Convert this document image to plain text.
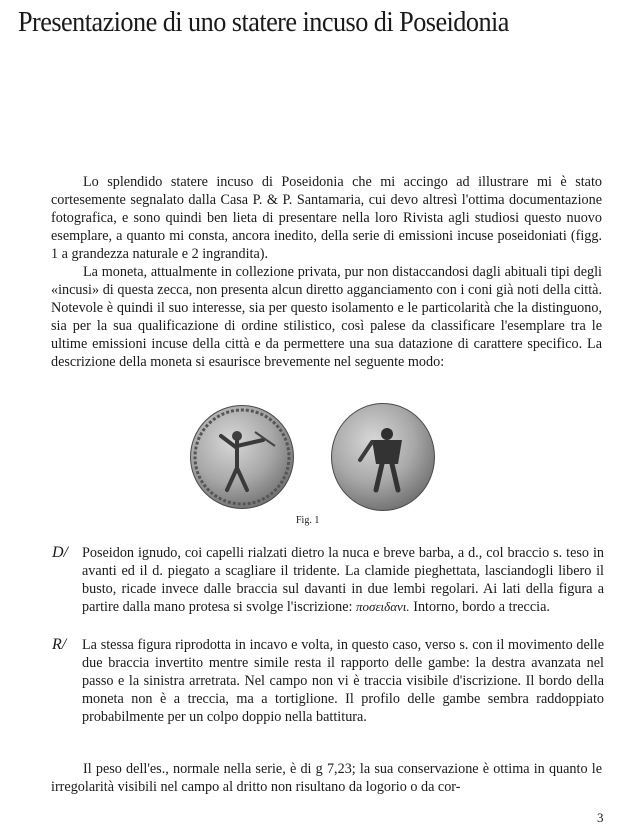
Presentazione di uno statere incuso di Poseidonia

Lo splendido statere incuso di Poseidonia che mi accingo ad illustrare mi è stato cortesemente segnalato dalla Casa P. & P. Santamaria, cui devo altresì l'ottima documentazione fotografica, e sono quindi ben lieta di presentare nella loro Rivista agli studiosi questo nuovo esemplare, a quanto mi consta, ancora inedito, della serie di emissioni incuse poseidoniati (figg. 1 a grandezza naturale e 2 ingrandita).

La moneta, attualmente in collezione privata, pur non distaccandosi dagli abituali tipi degli «incusi» di questa zecca, non presenta alcun diretto agganciamento con i coni già noti della città. Notevole è quindi il suo interesse, sia per questo isolamento e le particolarità che la distinguono, sia per la sua qualificazione di ordine stilistico, così palese da classificare l'esemplare tra le ultime emissioni incuse della città e da permettere una sua datazione di carattere specifico. La descrizione della moneta si esaurisce brevemente nel seguente modo:

Fig. 1
D/ Poseidon ignudo, coi capelli rialzati dietro la nuca e breve barba, a d., col braccio s. teso in avanti ed il d. piegato a scagliare il tridente. La clamide pieghettata, lasciandogli libero il busto, ricade invece dalle braccia sul davanti in due lembi regolari. Ai lati della figura a partire dalla mano protesa si svolge l'iscrizione: ποσειδανι. Intorno, bordo a treccia.
R/ La stessa figura riprodotta in incavo e volta, in questo caso, verso s. con il movimento delle due braccia invertito mentre simile resta il rapporto delle gambe: la destra avanzata nel passo e la sinistra arretrata. Nel campo non vi è traccia visibile d'iscrizione. Il bordo della moneta non è a treccia, ma a tortiglione. Il profilo delle gambe sembra raddoppiato probabilmente per un colpo doppio nella battitura.

Il peso dell'es., normale nella serie, è di g 7,23; la sua conservazione è ottima in quanto le irregolarità visibili nel campo al dritto non risultano da logorio o da cor-

3
